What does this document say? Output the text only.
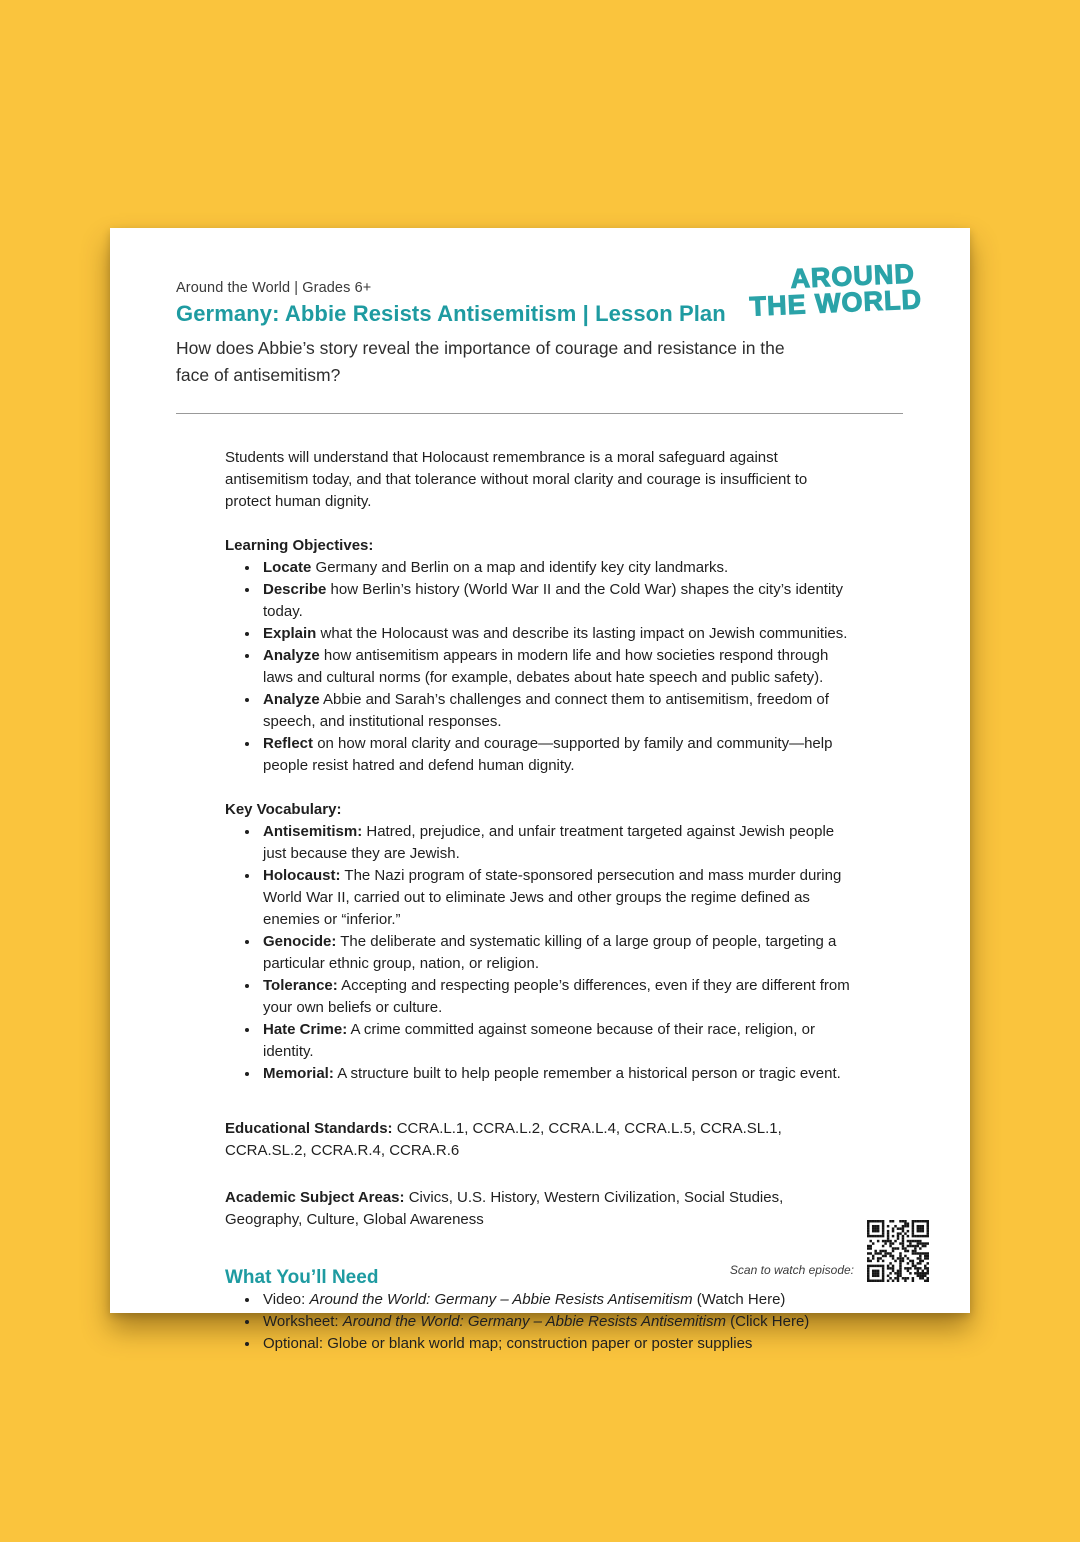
Around the World | Grades 6+
Germany: Abbie Resists Antisemitism | Lesson Plan
How does Abbie’s story reveal the importance of courage and resistance in the face of antisemitism?
AROUND
THE WORLD
Students will understand that Holocaust remembrance is a moral safeguard against antisemitism today, and that tolerance without moral clarity and courage is insufficient to protect human dignity.
Learning Objectives:
• Locate Germany and Berlin on a map and identify key city landmarks.
• Describe how Berlin’s history (World War II and the Cold War) shapes the city’s identity today.
• Explain what the Holocaust was and describe its lasting impact on Jewish communities.
• Analyze how antisemitism appears in modern life and how societies respond through laws and cultural norms (for example, debates about hate speech and public safety).
• Analyze Abbie and Sarah’s challenges and connect them to antisemitism, freedom of speech, and institutional responses.
• Reflect on how moral clarity and courage—supported by family and community—help people resist hatred and defend human dignity.
Key Vocabulary:
• Antisemitism: Hatred, prejudice, and unfair treatment targeted against Jewish people just because they are Jewish.
• Holocaust: The Nazi program of state-sponsored persecution and mass murder during World War II, carried out to eliminate Jews and other groups the regime defined as enemies or “inferior.”
• Genocide: The deliberate and systematic killing of a large group of people, targeting a particular ethnic group, nation, or religion.
• Tolerance: Accepting and respecting people’s differences, even if they are different from your own beliefs or culture.
• Hate Crime: A crime committed against someone because of their race, religion, or identity.
• Memorial: A structure built to help people remember a historical person or tragic event.
Educational Standards: CCRA.L.1, CCRA.L.2, CCRA.L.4, CCRA.L.5, CCRA.SL.1, CCRA.SL.2, CCRA.R.4, CCRA.R.6
Academic Subject Areas: Civics, U.S. History, Western Civilization, Social Studies, Geography, Culture, Global Awareness
What You’ll Need
• Video: Around the World: Germany – Abbie Resists Antisemitism (Watch Here)
• Worksheet: Around the World: Germany – Abbie Resists Antisemitism (Click Here)
• Optional: Globe or blank world map; construction paper or poster supplies
Scan to watch episode:
